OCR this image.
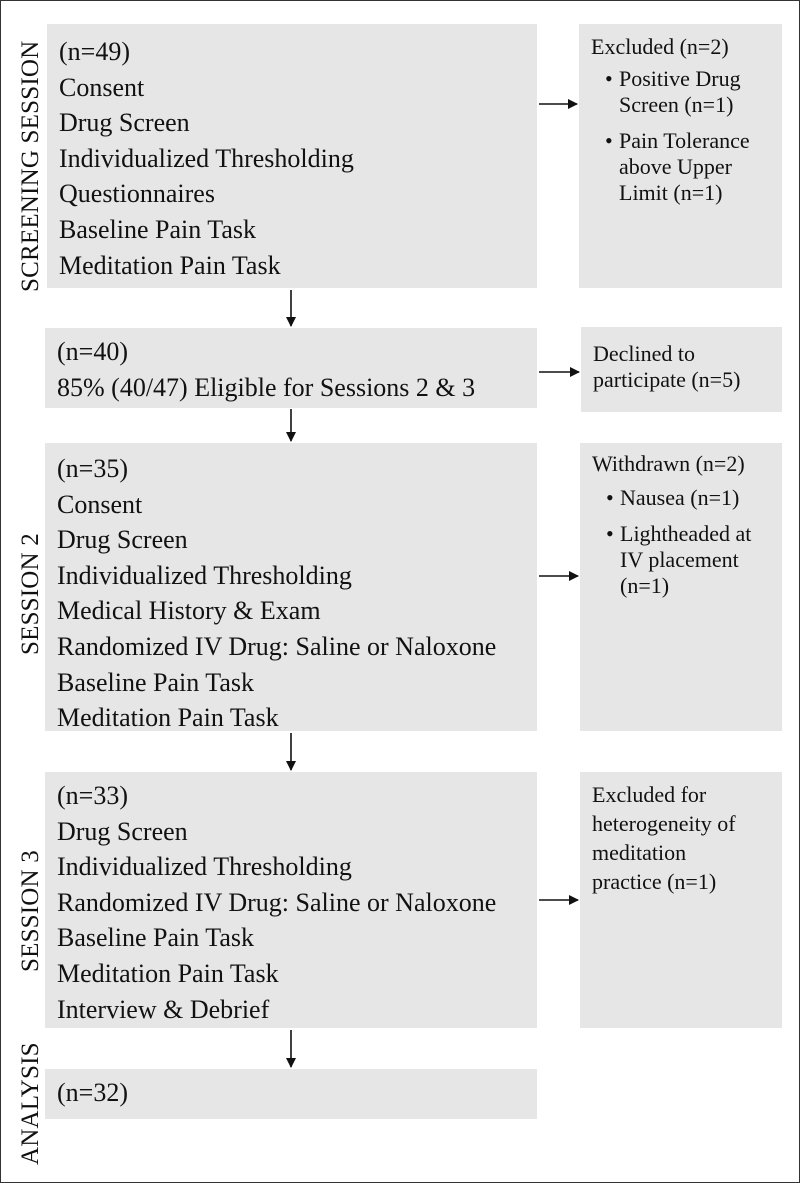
SCREENING SESSION
SESSION 2
SESSION 3
ANALYSIS
(n=49)
Consent
Drug Screen
Individualized Thresholding
Questionnaires
Baseline Pain Task
Meditation Pain Task
(n=40)
85% (40/47) Eligible for Sessions 2 & 3
(n=35)
Consent
Drug Screen
Individualized Thresholding
Medical History & Exam
Randomized IV Drug: Saline or Naloxone
Baseline Pain Task
Meditation Pain Task
(n=33)
Drug Screen
Individualized Thresholding
Randomized IV Drug: Saline or Naloxone
Baseline Pain Task
Meditation Pain Task
Interview & Debrief
(n=32)
Excluded (n=2)
• Positive Drug
Screen (n=1)
• Pain Tolerance
above Upper
Limit (n=1)
Declined to
participate (n=5)
Withdrawn (n=2)
• Nausea (n=1)
• Lightheaded at
IV placement
(n=1)
Excluded for
heterogeneity of
meditation
practice (n=1)
